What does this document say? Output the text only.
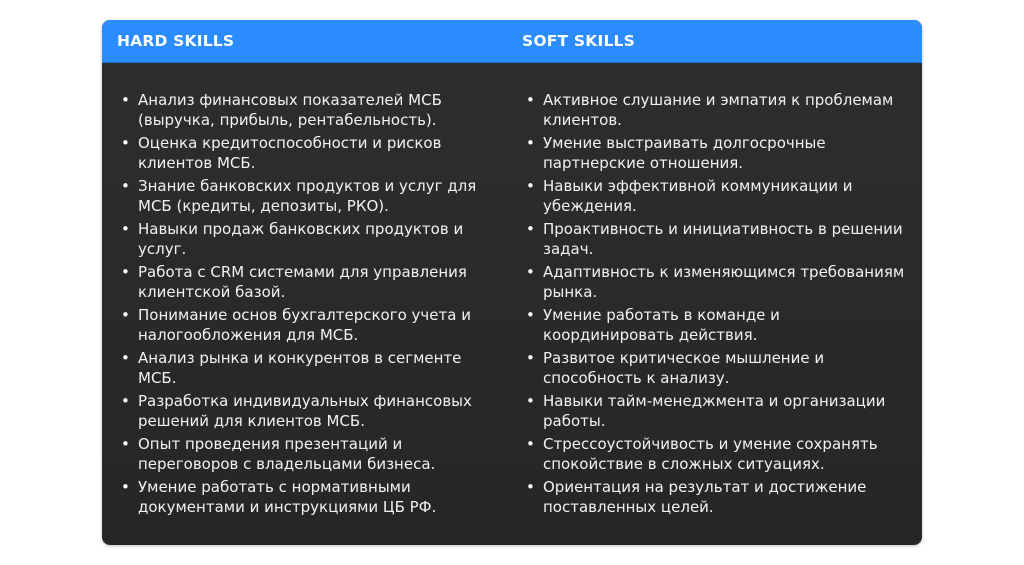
HARD SKILLS	SOFT SKILLS
• Анализ финансовых показателей МСБ (выручка, прибыль, рентабельность).
• Оценка кредитоспособности и рисков клиентов МСБ.
• Знание банковских продуктов и услуг для МСБ (кредиты, депозиты, РКО).
• Навыки продаж банковских продуктов и услуг.
• Работа с CRM системами для управления клиентской базой.
• Понимание основ бухгалтерского учета и налогообложения для МСБ.
• Анализ рынка и конкурентов в сегменте МСБ.
• Разработка индивидуальных финансовых решений для клиентов МСБ.
• Опыт проведения презентаций и переговоров с владельцами бизнеса.
• Умение работать с нормативными документами и инструкциями ЦБ РФ.
• Активное слушание и эмпатия к проблемам клиентов.
• Умение выстраивать долгосрочные партнерские отношения.
• Навыки эффективной коммуникации и убеждения.
• Проактивность и инициативность в решении задач.
• Адаптивность к изменяющимся требованиям рынка.
• Умение работать в команде и координировать действия.
• Развитое критическое мышление и способность к анализу.
• Навыки тайм-менеджмента и организации работы.
• Стрессоустойчивость и умение сохранять спокойствие в сложных ситуациях.
• Ориентация на результат и достижение поставленных целей.
